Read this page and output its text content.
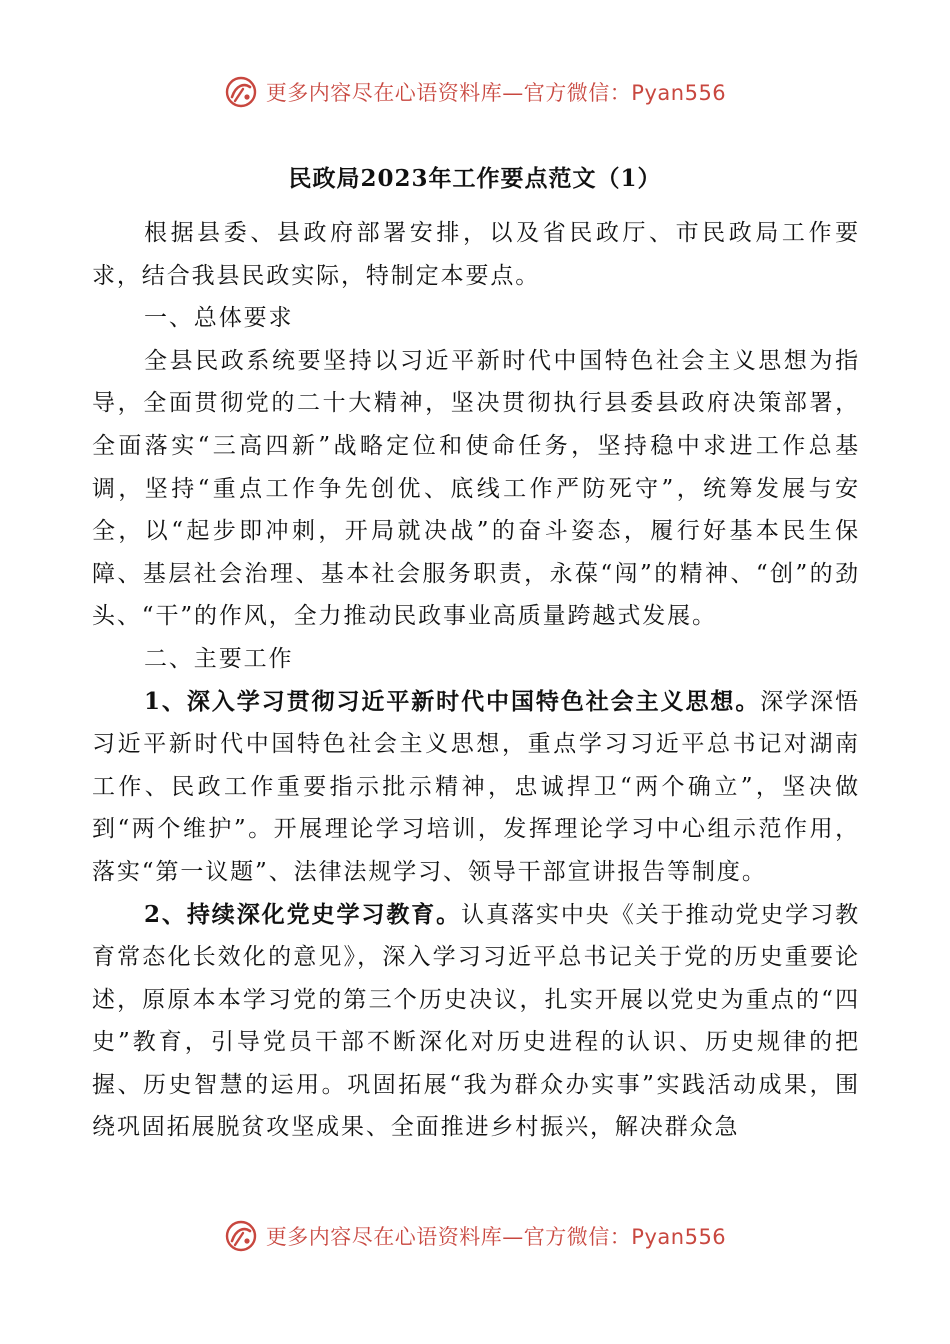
更多内容尽在心语资料库—官方微信：Pyan556
民政局2023年工作要点范文（1）

根据县委、县政府部署安排，以及省民政厅、市民政局工作要求，结合我县民政实际，特制定本要点。

一、总体要求

全县民政系统要坚持以习近平新时代中国特色社会主义思想为指导，全面贯彻党的二十大精神，坚决贯彻执行县委县政府决策部署，全面落实“三高四新”战略定位和使命任务，坚持稳中求进工作总基调，坚持“重点工作争先创优、底线工作严防死守”，统筹发展与安全，以“起步即冲刺，开局就决战”的奋斗姿态，履行好基本民生保障、基层社会治理、基本社会服务职责，永葆“闯”的精神、“创”的劲头、“干”的作风，全力推动民政事业高质量跨越式发展。

二、主要工作

1、深入学习贯彻习近平新时代中国特色社会主义思想。深学深悟习近平新时代中国特色社会主义思想，重点学习习近平总书记对湖南工作、民政工作重要指示批示精神，忠诚捍卫“两个确立”，坚决做到“两个维护”。开展理论学习培训，发挥理论学习中心组示范作用，落实“第一议题”、法律法规学习、领导干部宣讲报告等制度。

2、持续深化党史学习教育。认真落实中央《关于推动党史学习教育常态化长效化的意见》，深入学习习近平总书记关于党的历史重要论述，原原本本学习党的第三个历史决议，扎实开展以党史为重点的“四史”教育，引导党员干部不断深化对历史进程的认识、历史规律的把握、历史智慧的运用。巩固拓展“我为群众办实事”实践活动成果，围绕巩固拓展脱贫攻坚成果、全面推进乡村振兴，解决群众急

更多内容尽在心语资料库—官方微信：Pyan556
